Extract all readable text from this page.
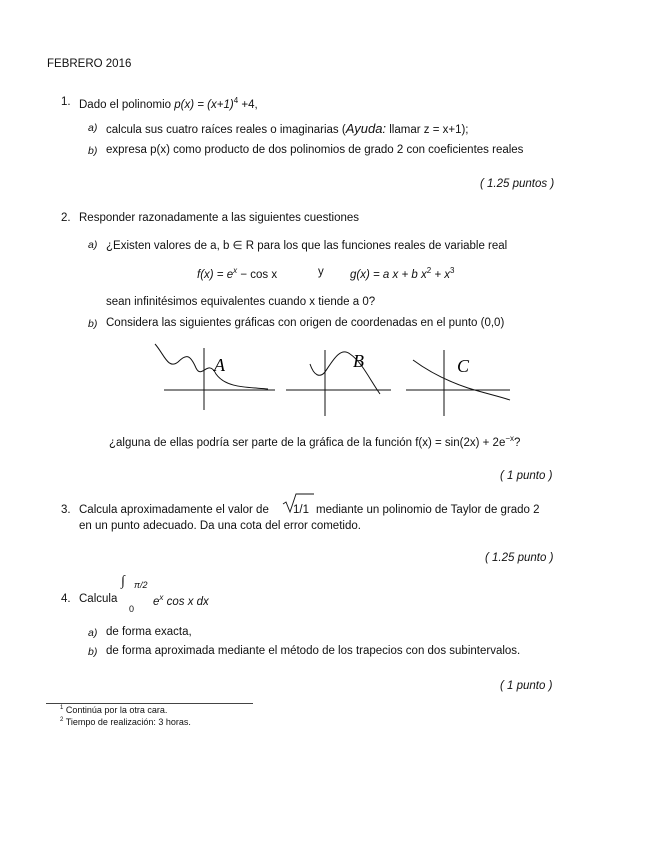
FEBRERO 2016
1. Dado el polinomio $p(x) = (x+1)^4 +4$,
a) calcula sus cuatro raíces reales o imaginarias (Ayuda: llamar z = x+1);
b) expresa p(x) como producto de dos polinomios de grado 2 con coeficientes reales
( 1.25 puntos )
2. Responder razonadamente a las siguientes cuestiones
a) ¿Existen valores de a, b ∈ R para los que las funciones reales de variable real
$f(x) = e^x - \cos x$	y g(x) = a x + b $x^2 + x^3$
sean infinitésimos equivalentes cuando x tiende a 0?
b) Considera las siguientes gráficas con origen de coordenadas en el punto (0,0)
A	B	C
¿alguna de ellas podría ser parte de la gráfica de la función $f(x) = \sin(2x) + 2e^{-x}$?
( 1 punto )
3. Calcula aproximadamente el valor de 1/1 mediante un polinomio de Taylor de grado 2
en un punto adecuado. Da una cota del error cometido.
( 1.25 punto )
4. Calcula
∫ π/2
0
$e^x$ cos x dx
a) de forma exacta,
b) de forma aproximada mediante el método de los trapecios con dos subintervalos.
( 1 punto )
$^1$ Continúa por la otra cara.
$^2$ Tiempo de realización: 3 horas.
